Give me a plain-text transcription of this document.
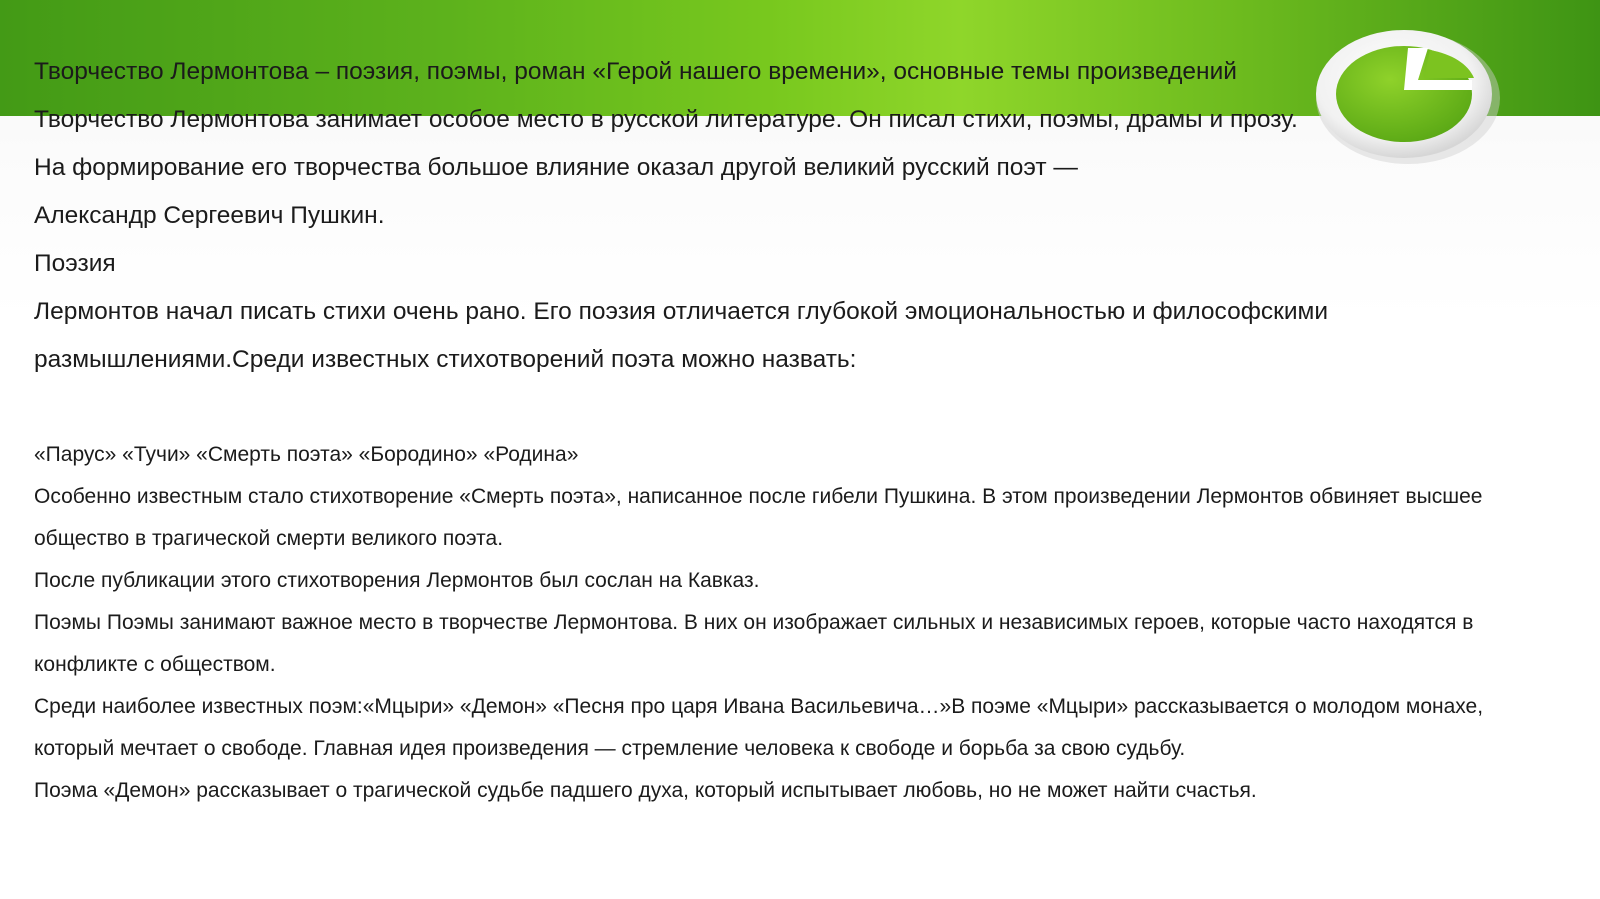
Творчество Лермонтова – поэзия, поэмы, роман «Герой нашего времени», основные темы произведений

Творчество Лермонтова занимает особое место в русской литературе. Он писал стихи, поэмы, драмы и прозу.

На формирование его творчества большое влияние оказал другой великий русский поэт —

Александр Сергеевич Пушкин.

Поэзия

Лермонтов начал писать стихи очень рано. Его поэзия отличается глубокой эмоциональностью и философскими размышлениями.Среди известных стихотворений поэта можно назвать:

«Парус» «Тучи» «Смерть поэта» «Бородино» «Родина»

Особенно известным стало стихотворение «Смерть поэта», написанное после гибели Пушкина. В этом произведении Лермонтов обвиняет высшее общество в трагической смерти великого поэта.

После публикации этого стихотворения Лермонтов был сослан на Кавказ.

Поэмы Поэмы занимают важное место в творчестве Лермонтова. В них он изображает сильных и независимых героев, которые часто находятся в конфликте с обществом.

Среди наиболее известных поэм:«Мцыри» «Демон» «Песня про царя Ивана Васильевича…»В поэме «Мцыри» рассказывается о молодом монахе, который мечтает о свободе. Главная идея произведения — стремление человека к свободе и борьба за свою судьбу.

Поэма «Демон» рассказывает о трагической судьбе падшего духа, который испытывает любовь, но не может найти счастья.
